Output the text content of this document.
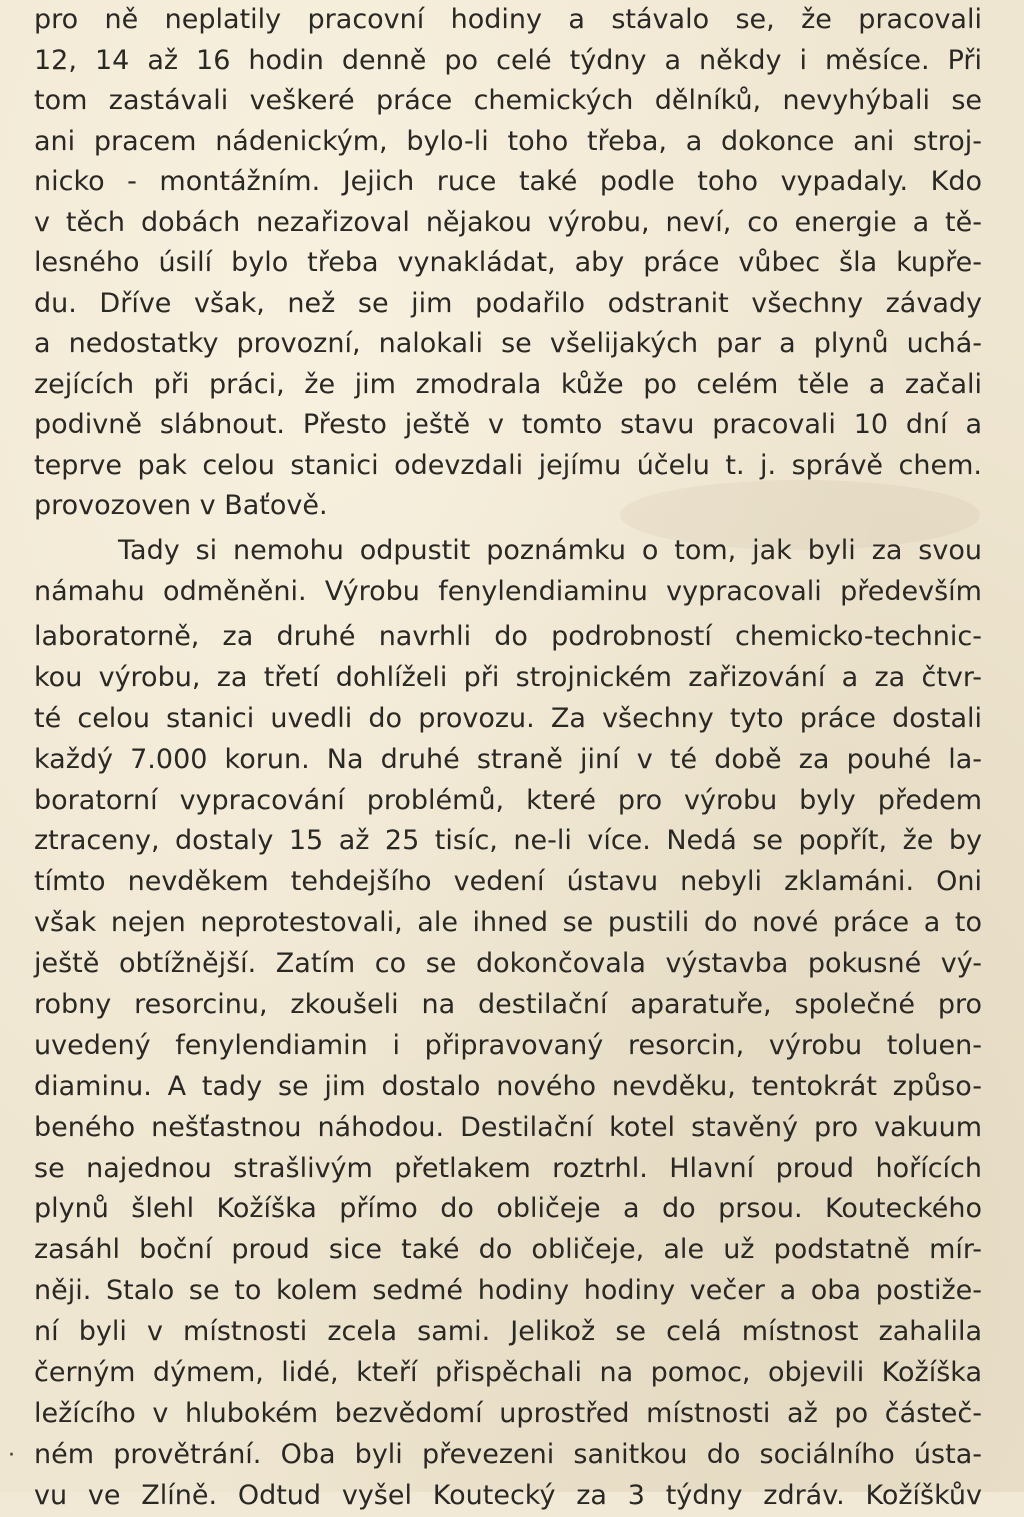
pro ně neplatily pracovní hodiny a stávalo se, že pracovali
12, 14 až 16 hodin denně po celé týdny a někdy i měsíce. Při
tom zastávali veškeré práce chemických dělníků, nevyhýbali se
ani pracem nádenickým, bylo-li toho třeba, a dokonce ani stroj-
nicko - montážním. Jejich ruce také podle toho vypadaly. Kdo
v těch dobách nezařizoval nějakou výrobu, neví, co energie a tě-
lesného úsilí bylo třeba vynakládat, aby práce vůbec šla kupře-
du. Dříve však, než se jim podařilo odstranit všechny závady
a nedostatky provozní, nalokali se všelijakých par a plynů uchá-
zejících při práci, že jim zmodrala kůže po celém těle a začali
podivně slábnout. Přesto ještě v tomto stavu pracovali 10 dní a
teprve pak celou stanici odevzdali jejímu účelu t. j. správě chem.
provozoven v Baťově.
Tady si nemohu odpustit poznámku o tom, jak byli za svou
námahu odměněni. Výrobu fenylendiaminu vypracovali především
laboratorně, za druhé navrhli do podrobností chemicko-technic-
kou výrobu, za třetí dohlíželi při strojnickém zařizování a za čtvr-
té celou stanici uvedli do provozu. Za všechny tyto práce dostali
každý 7.000 korun. Na druhé straně jiní v té době za pouhé la-
boratorní vypracování problémů, které pro výrobu byly předem
ztraceny, dostaly 15 až 25 tisíc, ne-li více. Nedá se popřít, že by
tímto nevděkem tehdejšího vedení ústavu nebyli zklamáni. Oni
však nejen neprotestovali, ale ihned se pustili do nové práce a to
ještě obtížnější. Zatím co se dokončovala výstavba pokusné vý-
robny resorcinu, zkoušeli na destilační aparatuře, společné pro
uvedený fenylendiamin i připravovaný resorcin, výrobu toluen-
diaminu. A tady se jim dostalo nového nevděku, tentokrát způso-
beného nešťastnou náhodou. Destilační kotel stavěný pro vakuum
se najednou strašlivým přetlakem roztrhl. Hlavní proud hořících
plynů šlehl Kožíška přímo do obličeje a do prsou. Kouteckého
zasáhl boční proud sice také do obličeje, ale už podstatně mír-
něji. Stalo se to kolem sedmé hodiny hodiny večer a oba postiže-
ní byli v místnosti zcela sami. Jelikož se celá místnost zahalila
černým dýmem, lidé, kteří přispěchali na pomoc, objevili Kožíška
ležícího v hlubokém bezvědomí uprostřed místnosti až po částeč-
ném provětrání. Oba byli převezeni sanitkou do sociálního ústa-
vu ve Zlíně. Odtud vyšel Koutecký za 3 týdny zdráv. Kožíškův
·
